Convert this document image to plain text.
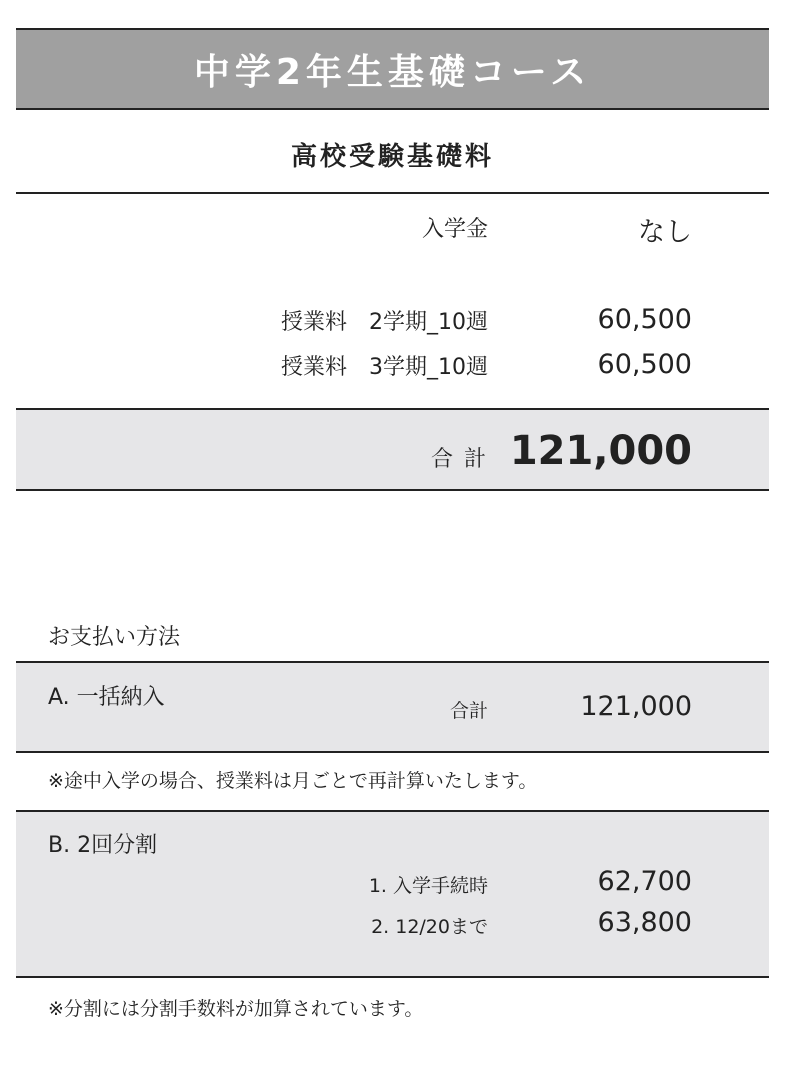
中学2年生基礎コース
高校受験基礎料
入学金	なし
授業料　2学期_10週	60,500
授業料　3学期_10週	60,500
合 計 121,000
お支払い方法
A. 一括納入
合計	121,000
※途中入学の場合、授業料は月ごとで再計算いたします。
B. 2回分割
1. 入学手続時	62,700
2. 12/20まで	63,800
※分割には分割手数料が加算されています。
